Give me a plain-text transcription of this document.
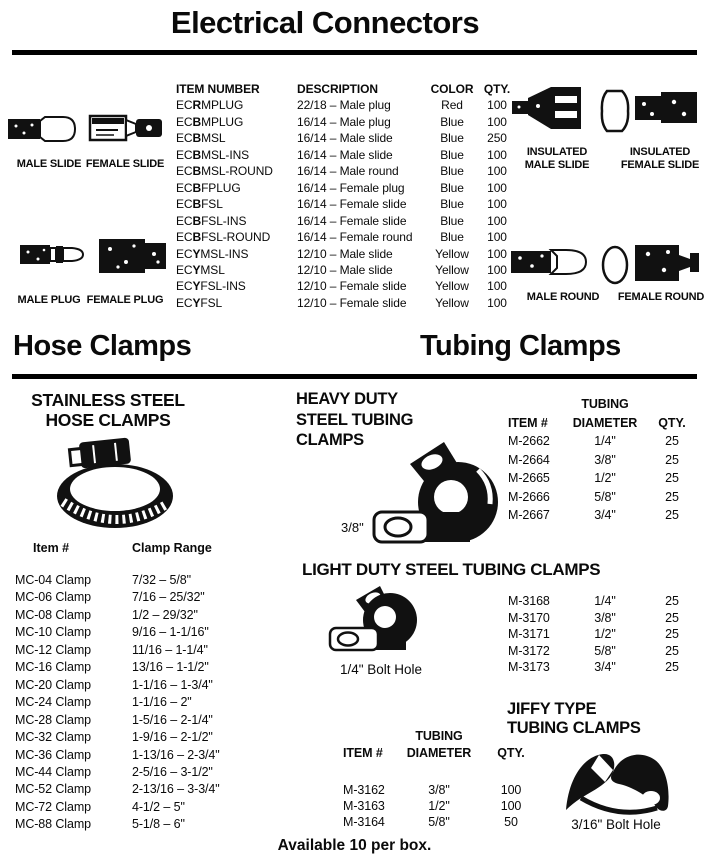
Electrical Connectors
MALE SLIDE FEMALE SLIDE
MALE PLUG FEMALE PLUG
INSULATED
MALE SLIDE
INSULATED
FEMALE SLIDE
MALE ROUND	FEMALE ROUND
ITEM NUMBER	DESCRIPTION	COLOR QTY.
ECRMPLUG	22/18 – Male plug	Red	100
ECBMPLUG	16/14 – Male plug	Blue	100
ECBMSL	16/14 – Male slide	Blue	250
ECBMSL-INS	16/14 – Male slide	Blue	100
ECBMSL-ROUND	16/14 – Male round	Blue	100
ECBFPLUG	16/14 – Female plug	Blue	100
ECBFSL	16/14 – Female slide	Blue	100
ECBFSL-INS	16/14 – Female slide	Blue	100
ECBFSL-ROUND	16/14 – Female round	Blue	100
ECYMSL-INS	12/10 – Male slide	Yellow	100
ECYMSL	12/10 – Male slide	Yellow	100
ECYFSL-INS	12/10 – Female slide	Yellow	100
ECYFSL	12/10 – Female slide	Yellow	100
Hose Clamps	Tubing Clamps
STAINLESS STEEL
HOSE CLAMPS
Item #	Clamp Range
MC-04 Clamp	7/32 – 5/8"
MC-06 Clamp	7/16 – 25/32"
MC-08 Clamp	1/2 – 29/32"
MC-10 Clamp	9/16 – 1-1/16"
MC-12 Clamp	11/16 – 1-1/4"
MC-16 Clamp	13/16 – 1-1/2"
MC-20 Clamp	1-1/16 – 1-3/4"
MC-24 Clamp	1-1/16 – 2"
MC-28 Clamp	1-5/16 – 2-1/4"
MC-32 Clamp	1-9/16 – 2-1/2"
MC-36 Clamp	1-13/16 – 2-3/4"
MC-44 Clamp	2-5/16 – 3-1/2"
MC-52 Clamp	2-13/16 – 3-3/4"
MC-72 Clamp	4-1/2 – 5"
MC-88 Clamp	5-1/8 – 6"
HEAVY DUTY
STEEL TUBING
CLAMPS
3/8"
TUBING
ITEM #	DIAMETER	QTY.
M-2662	1/4"	25
M-2664	3/8"	25
M-2665	1/2"	25
M-2666	5/8"	25
M-2667	3/4"	25
LIGHT DUTY STEEL TUBING CLAMPS
1/4" Bolt Hole
M-3168	1/4"	25
M-3170	3/8"	25
M-3171	1/2"	25
M-3172	5/8"	25
M-3173	3/4"	25
JIFFY TYPE
TUBING CLAMPS
TUBING
ITEM #	DIAMETER	QTY.
M-3162	3/8"	100
M-3163	1/2"	100
M-3164	5/8"	50	3/16" Bolt Hole
Available 10 per box.
